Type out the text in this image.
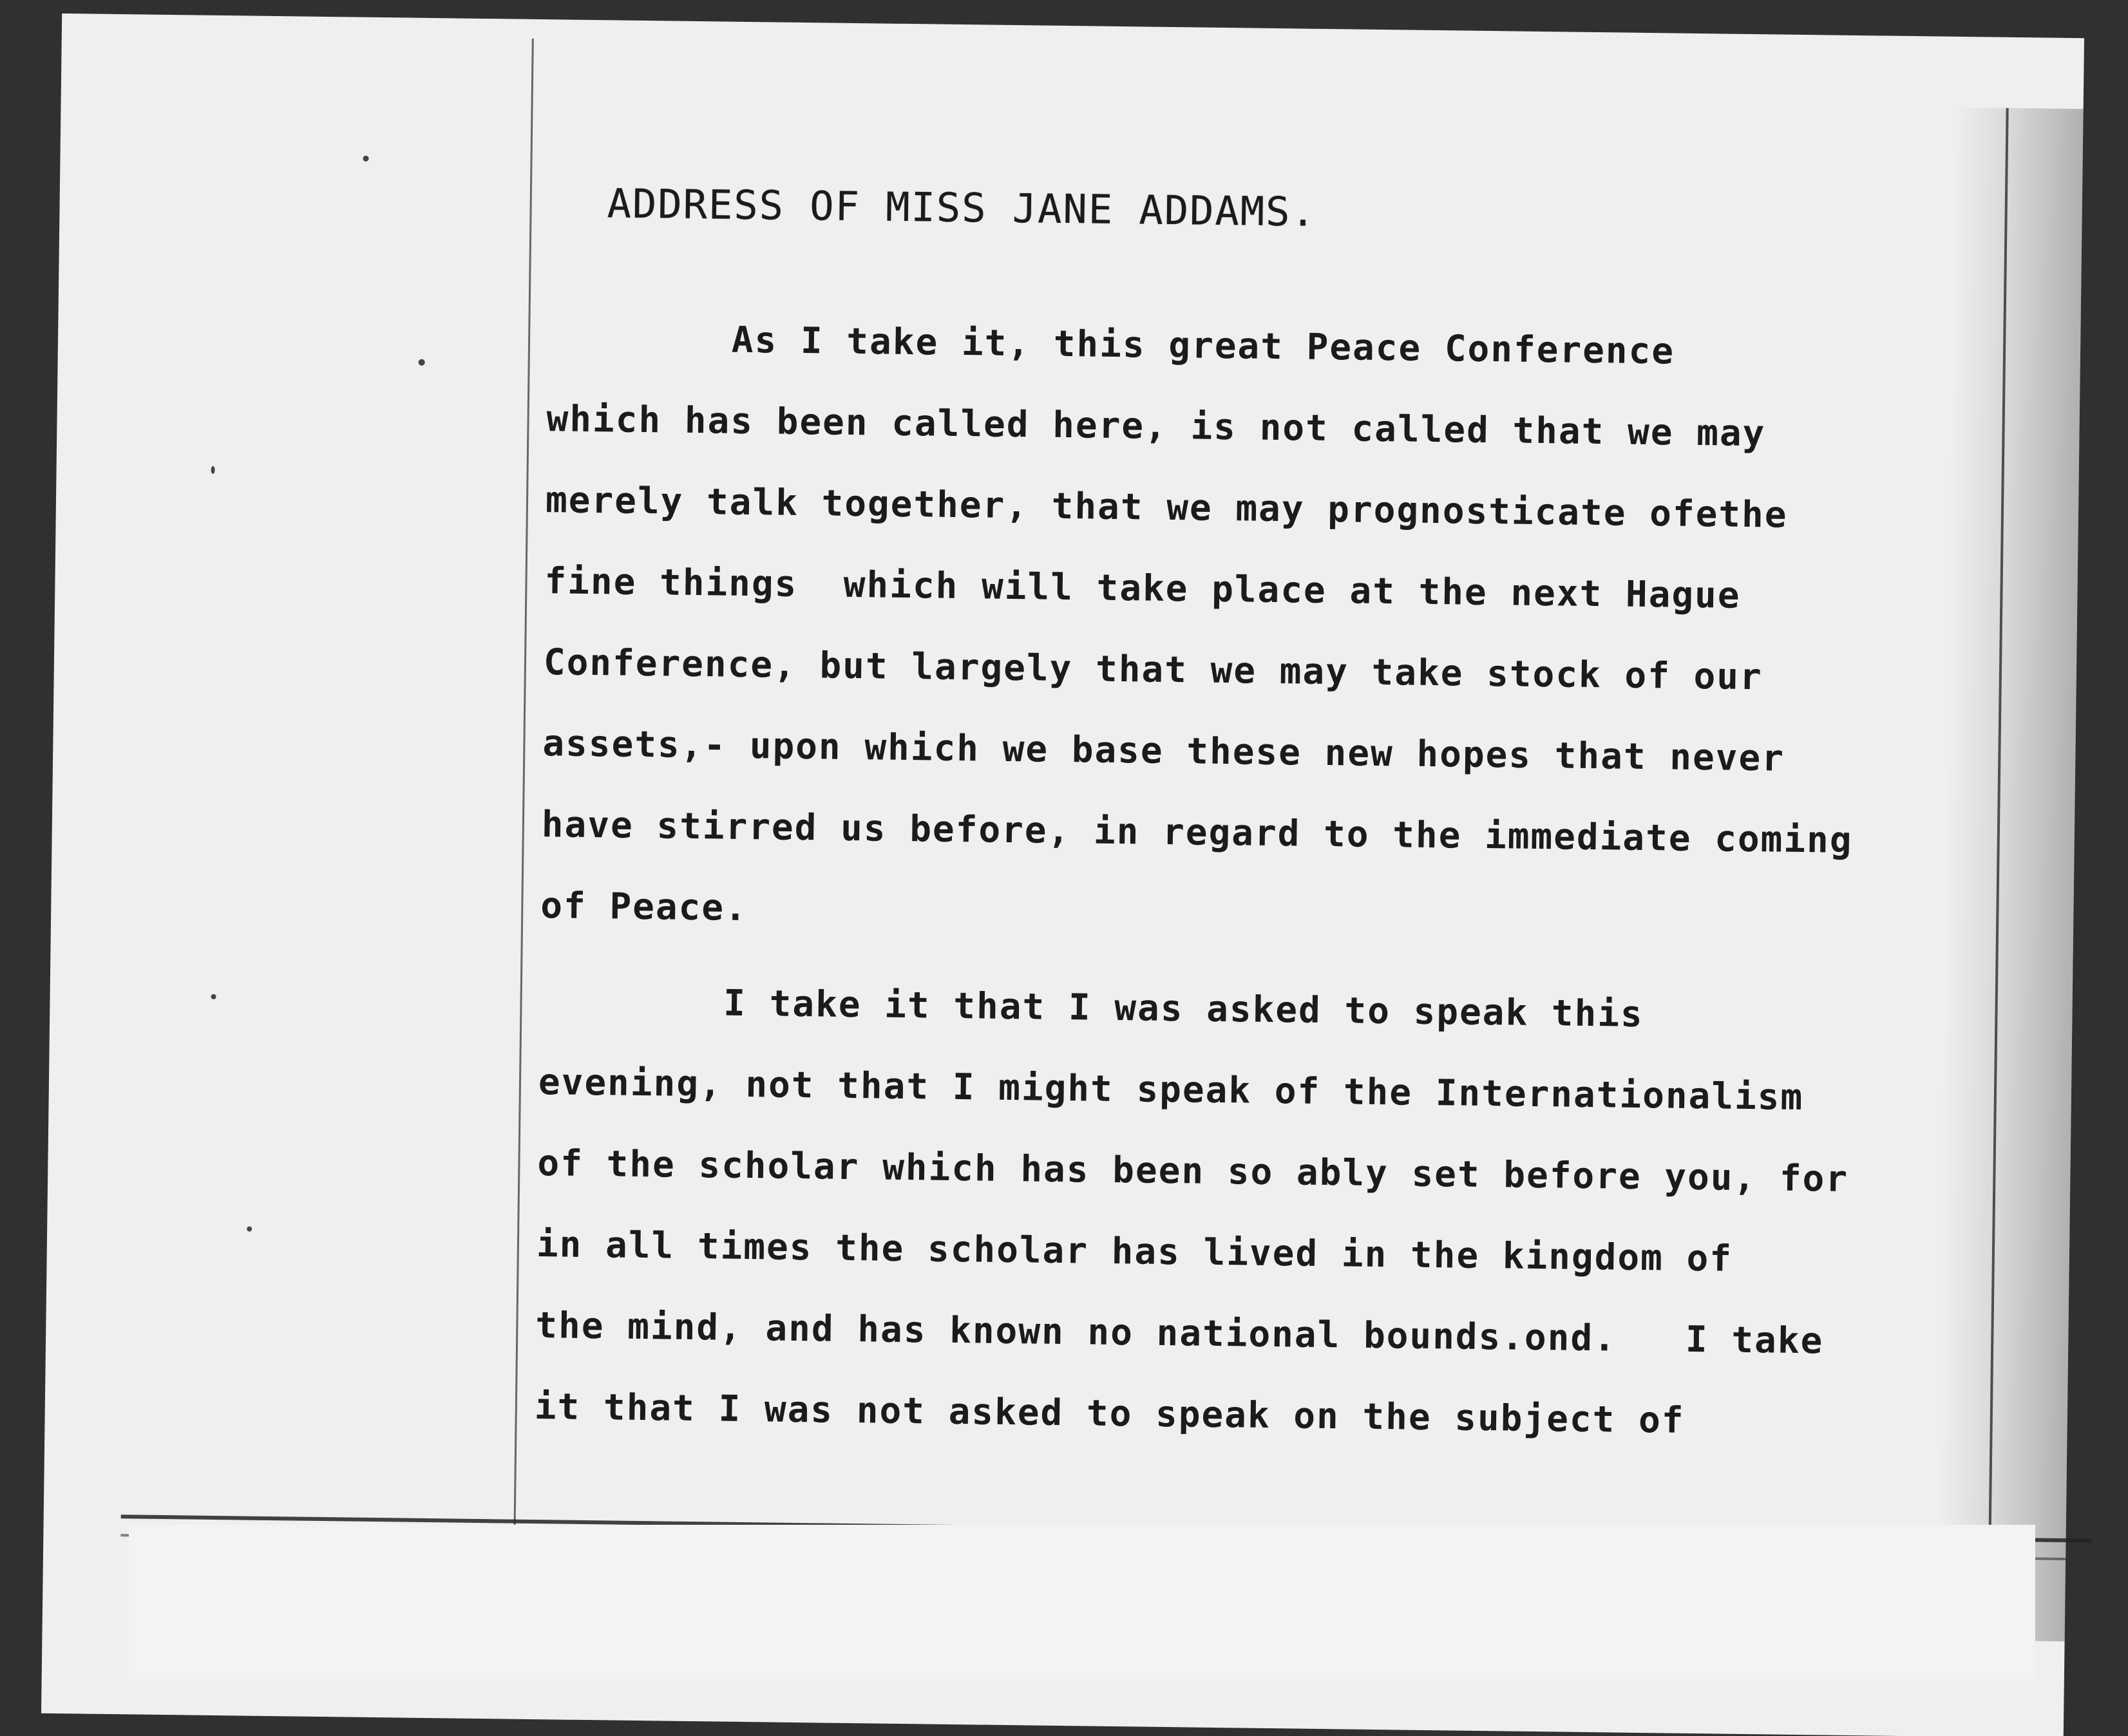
ADDRESS OF MISS JANE ADDAMS.

As I take it, this great Peace Conference

which has been called here, is not called that we may

merely talk together, that we may prognosticate ofethe

fine things  which will take place at the next Hague

Conference, but largely that we may take stock of our

assets,- upon which we base these new hopes that never

have stirred us before, in regard to the immediate coming

of Peace.

I take it that I was asked to speak this

evening, not that I might speak of the Internationalism

of the scholar which has been so ably set before you, for

in all times the scholar has lived in the kingdom of

the mind, and has known no national bounds.ond.   I take

it that I was not asked to speak on the subject of
